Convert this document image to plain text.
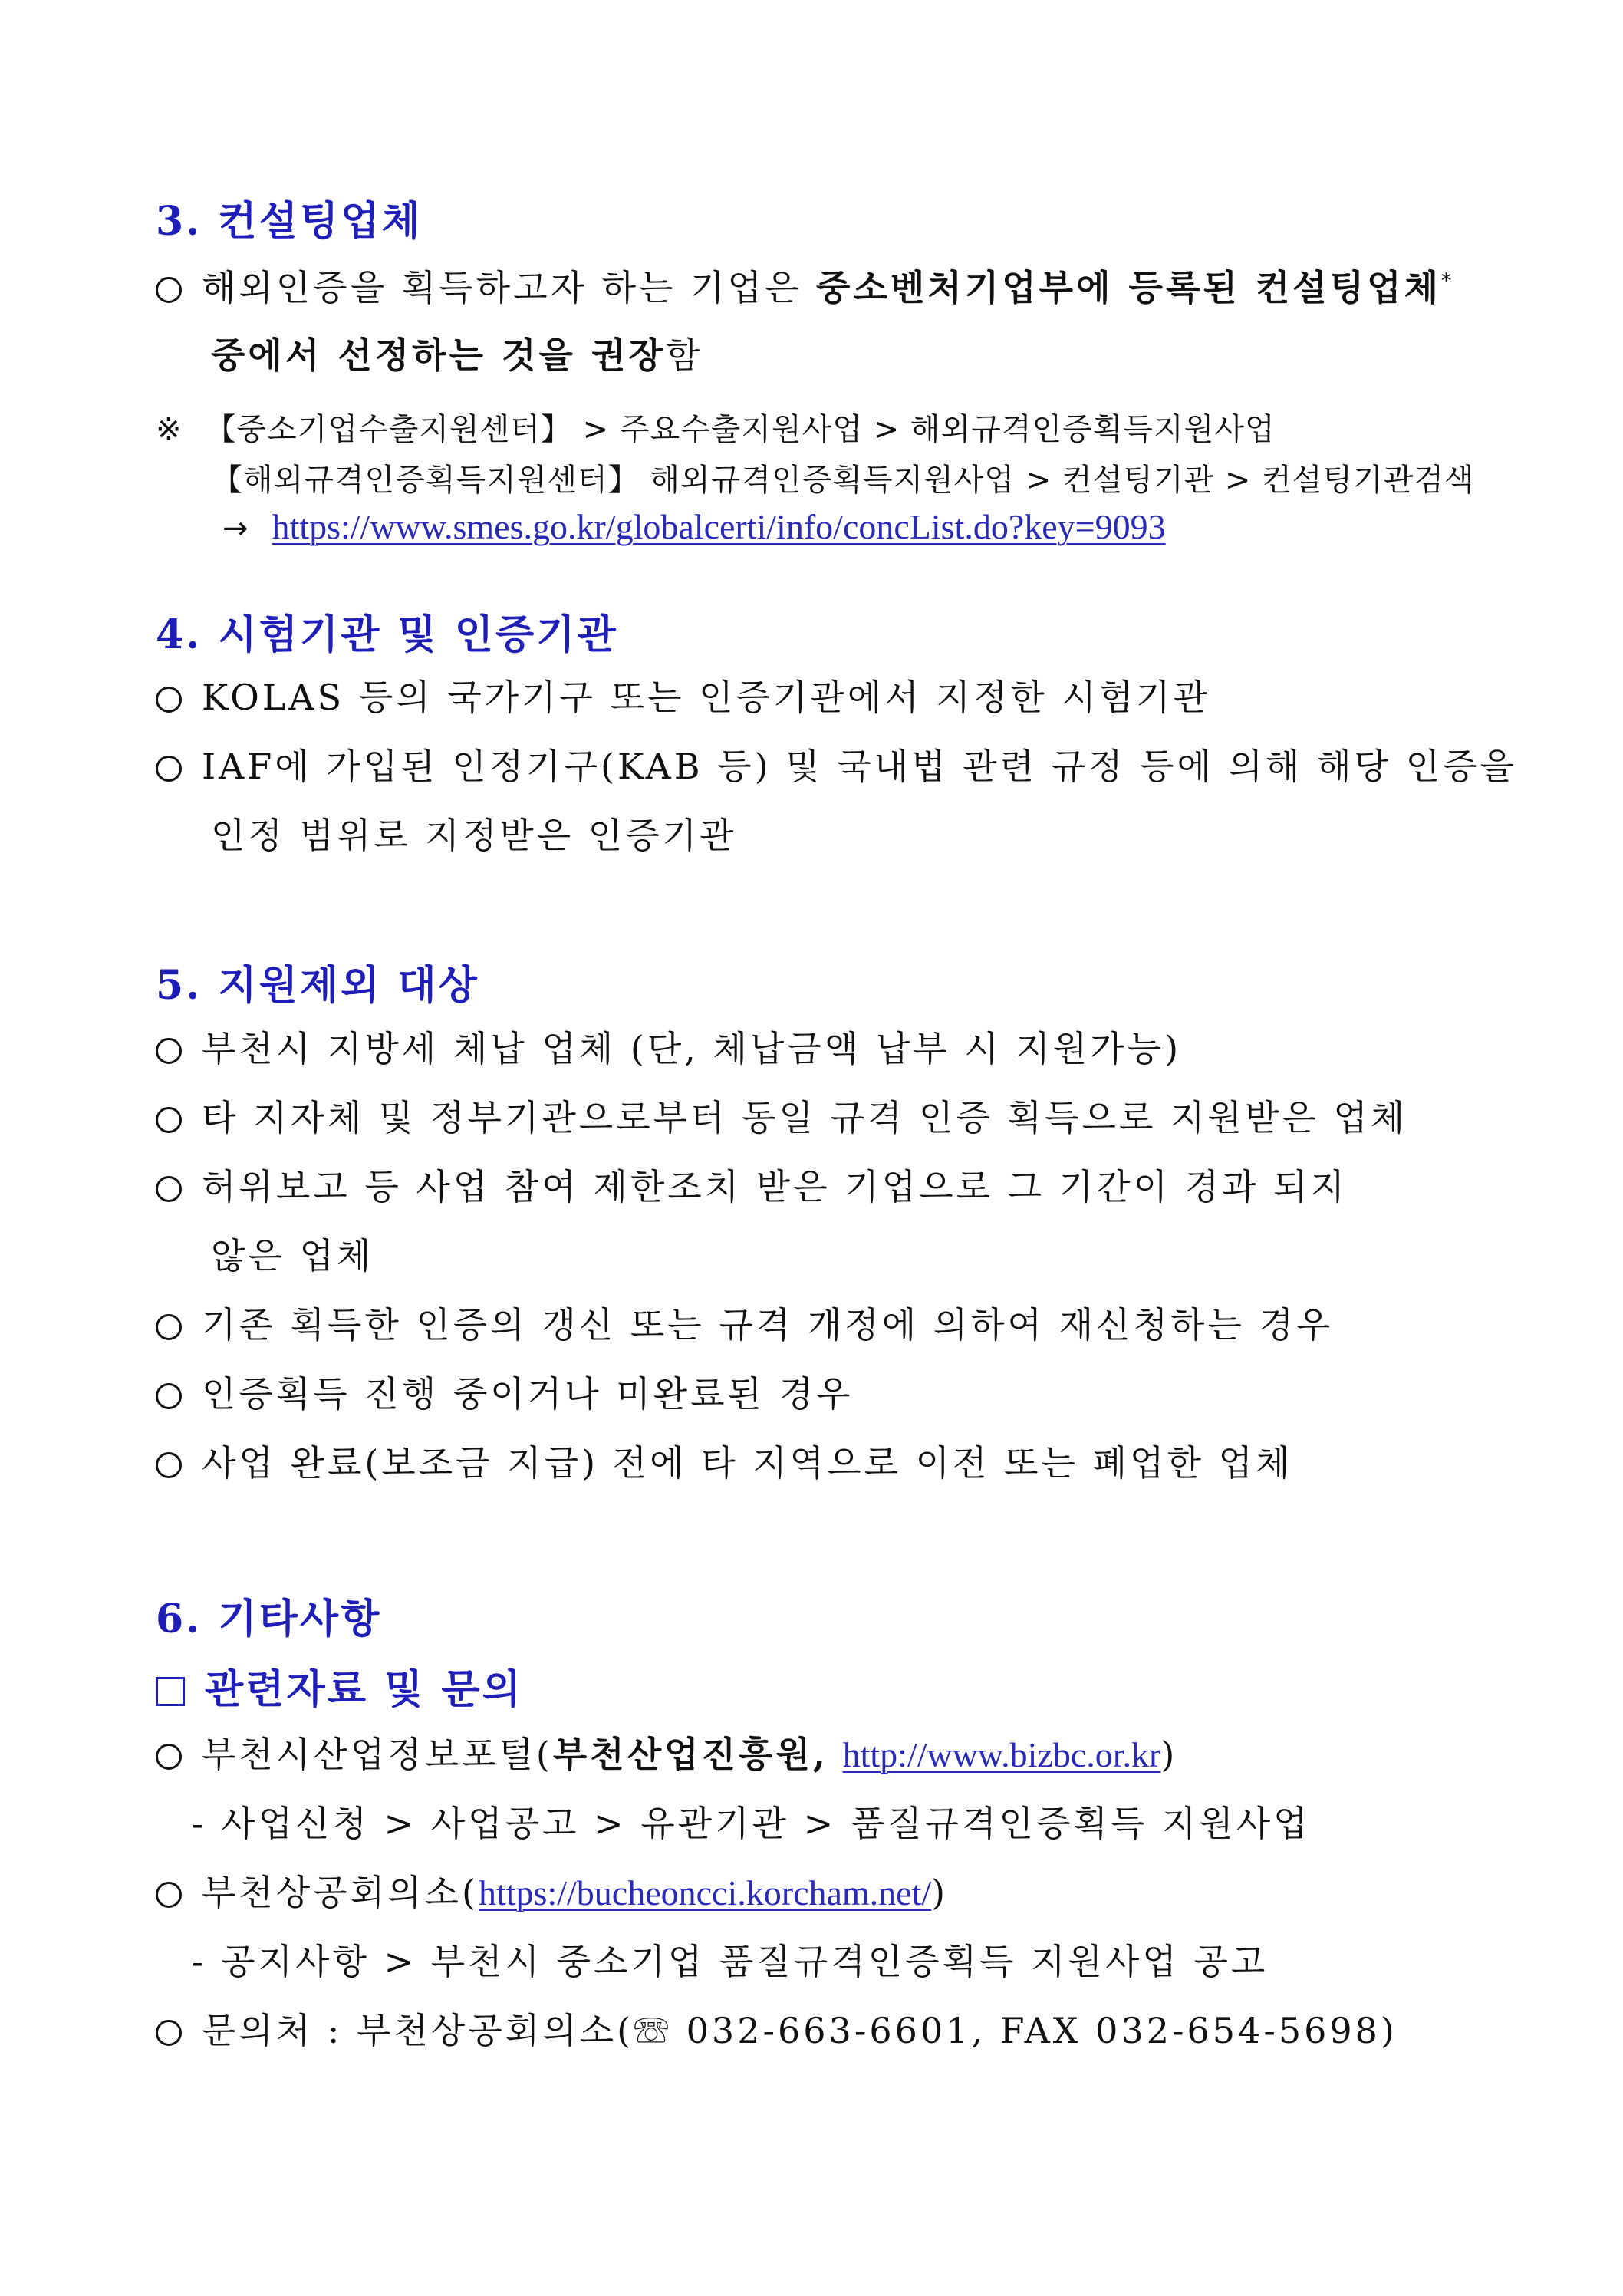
3. 컨설팅업체
해외인증을 획득하고자 하는 기업은 중소벤처기업부에 등록된 컨설팅업체*
중에서 선정하는 것을 권장함
※ 【중소기업수출지원센터】 > 주요수출지원사업 > 해외규격인증획득지원사업
【해외규격인증획득지원센터】 해외규격인증획득지원사업 > 컨설팅기관 > 컨설팅기관검색
→ https://www.smes.go.kr/globalcerti/info/concList.do?key=9093
4. 시험기관 및 인증기관
KOLAS 등의 국가기구 또는 인증기관에서 지정한 시험기관
IAF에 가입된 인정기구(KAB 등) 및 국내법 관련 규정 등에 의해 해당 인증을
인정 범위로 지정받은 인증기관
5. 지원제외 대상
부천시 지방세 체납 업체 (단, 체납금액 납부 시 지원가능)
타 지자체 및 정부기관으로부터 동일 규격 인증 획득으로 지원받은 업체
허위보고 등 사업 참여 제한조치 받은 기업으로 그 기간이 경과 되지
않은 업체
기존 획득한 인증의 갱신 또는 규격 개정에 의하여 재신청하는 경우
인증획득 진행 중이거나 미완료된 경우
사업 완료(보조금 지급) 전에 타 지역으로 이전 또는 폐업한 업체
6. 기타사항
관련자료 및 문의
부천시산업정보포털(부천산업진흥원, http://www.bizbc.or.kr)
- 사업신청 > 사업공고 > 유관기관 > 품질규격인증획득 지원사업
부천상공회의소(https://bucheoncci.korcham.net/)
- 공지사항 > 부천시 중소기업 품질규격인증획득 지원사업 공고
문의처 : 부천상공회의소(☏ 032-663-6601, FAX 032-654-5698)
